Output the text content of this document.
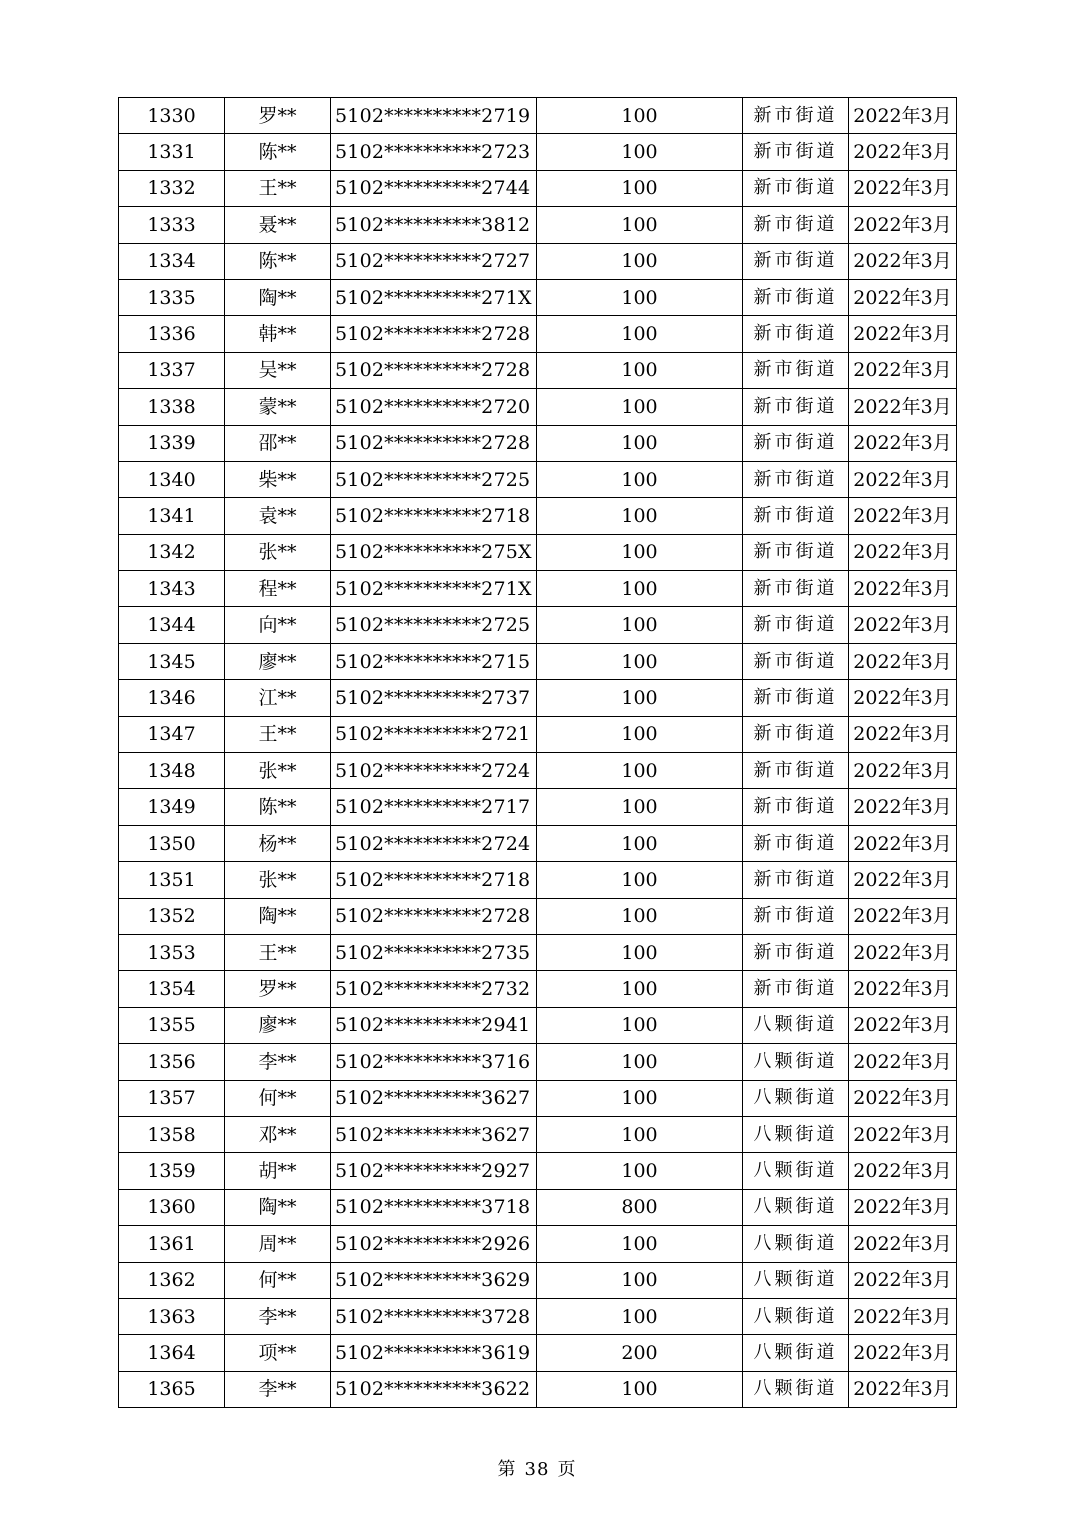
1330	罗**	5102**********2719	100	新市街道	2022年3月
1331	陈**	5102**********2723	100	新市街道	2022年3月
1332	王**	5102**********2744	100	新市街道	2022年3月
1333	聂**	5102**********3812	100	新市街道	2022年3月
1334	陈**	5102**********2727	100	新市街道	2022年3月
1335	陶**	5102**********271X	100	新市街道	2022年3月
1336	韩**	5102**********2728	100	新市街道	2022年3月
1337	吴**	5102**********2728	100	新市街道	2022年3月
1338	蒙**	5102**********2720	100	新市街道	2022年3月
1339	邵**	5102**********2728	100	新市街道	2022年3月
1340	柴**	5102**********2725	100	新市街道	2022年3月
1341	袁**	5102**********2718	100	新市街道	2022年3月
1342	张**	5102**********275X	100	新市街道	2022年3月
1343	程**	5102**********271X	100	新市街道	2022年3月
1344	向**	5102**********2725	100	新市街道	2022年3月
1345	廖**	5102**********2715	100	新市街道	2022年3月
1346	江**	5102**********2737	100	新市街道	2022年3月
1347	王**	5102**********2721	100	新市街道	2022年3月
1348	张**	5102**********2724	100	新市街道	2022年3月
1349	陈**	5102**********2717	100	新市街道	2022年3月
1350	杨**	5102**********2724	100	新市街道	2022年3月
1351	张**	5102**********2718	100	新市街道	2022年3月
1352	陶**	5102**********2728	100	新市街道	2022年3月
1353	王**	5102**********2735	100	新市街道	2022年3月
1354	罗**	5102**********2732	100	新市街道	2022年3月
1355	廖**	5102**********2941	100	八颗街道	2022年3月
1356	李**	5102**********3716	100	八颗街道	2022年3月
1357	何**	5102**********3627	100	八颗街道	2022年3月
1358	邓**	5102**********3627	100	八颗街道	2022年3月
1359	胡**	5102**********2927	100	八颗街道	2022年3月
1360	陶**	5102**********3718	800	八颗街道	2022年3月
1361	周**	5102**********2926	100	八颗街道	2022年3月
1362	何**	5102**********3629	100	八颗街道	2022年3月
1363	李**	5102**********3728	100	八颗街道	2022年3月
1364	项**	5102**********3619	200	八颗街道	2022年3月
1365	李**	5102**********3622	100	八颗街道	2022年3月
第 38 页
